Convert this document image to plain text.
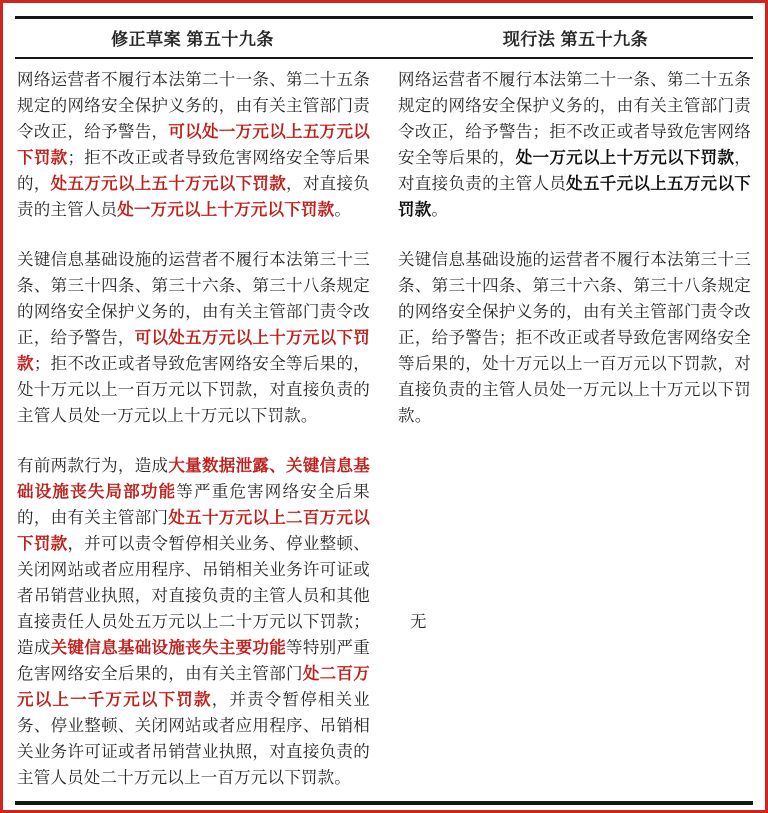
修正草案 第五十九条	现行法 第五十九条

网络运营者不履行本法第二十一条、第二十五条规定的网络安全保护义务的，由有关主管部门责令改正，给予警告，可以处一万元以上五万元以下罚款；拒不改正或者导致危害网络安全等后果的，处五万元以上五十万元以下罚款，对直接负责的主管人员处一万元以上十万元以下罚款。

网络运营者不履行本法第二十一条、第二十五条规定的网络安全保护义务的，由有关主管部门责令改正，给予警告；拒不改正或者导致危害网络安全等后果的，处一万元以上十万元以下罚款，对直接负责的主管人员处五千元以上五万元以下罚款。

关键信息基础设施的运营者不履行本法第三十三条、第三十四条、第三十六条、第三十八条规定的网络安全保护义务的，由有关主管部门责令改正，给予警告，可以处五万元以上十万元以下罚款；拒不改正或者导致危害网络安全等后果的，处十万元以上一百万元以下罚款，对直接负责的主管人员处一万元以上十万元以下罚款。

关键信息基础设施的运营者不履行本法第三十三条、第三十四条、第三十六条、第三十八条规定的网络安全保护义务的，由有关主管部门责令改正，给予警告；拒不改正或者导致危害网络安全等后果的，处十万元以上一百万元以下罚款，对直接负责的主管人员处一万元以上十万元以下罚款。

有前两款行为，造成大量数据泄露、关键信息基础设施丧失局部功能等严重危害网络安全后果的，由有关主管部门处五十万元以上二百万元以下罚款，并可以责令暂停相关业务、停业整顿、关闭网站或者应用程序、吊销相关业务许可证或者吊销营业执照，对直接负责的主管人员和其他直接责任人员处五万元以上二十万元以下罚款；造成关键信息基础设施丧失主要功能等特别严重危害网络安全后果的，由有关主管部门处二百万元以上一千万元以下罚款，并责令暂停相关业务、停业整顿、关闭网站或者应用程序、吊销相关业务许可证或者吊销营业执照，对直接负责的主管人员处二十万元以上一百万元以下罚款。

无
